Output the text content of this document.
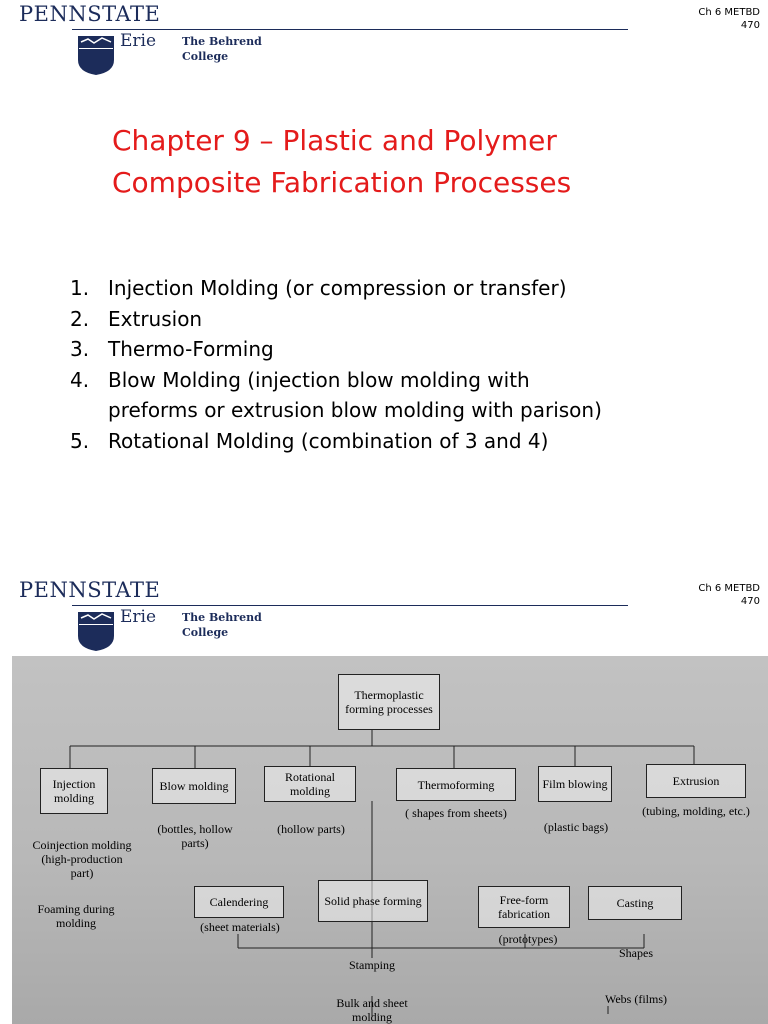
PENNSTATE
Erie The Behrend
College
Ch 6 METBD
470
Chapter 9 – Plastic and Polymer
Composite Fabrication Processes
1. Injection Molding (or compression or transfer)
2. Extrusion
3. Thermo-Forming
4. Blow Molding (injection blow molding with
preforms or extrusion blow molding with parison)
5. Rotational Molding (combination of 3 and 4)
PENNSTATE
Erie The Behrend
College
Ch 6 METBD
470
Thermoplastic forming processes
Injection molding
Blow molding
Rotational molding	Thermoforming	Film blowing	Extrusion
(bottles, hollow parts)
(hollow parts)
( shapes from sheets)
(plastic bags)
(tubing, molding, etc.)
Coinjection molding (high-production part)
Foaming during molding
Calendering
(sheet materials)
Solid phase forming
Stamping
Bulk and sheet molding
Free-form fabrication
(prototypes)
Casting
Shapes
Webs (films)
